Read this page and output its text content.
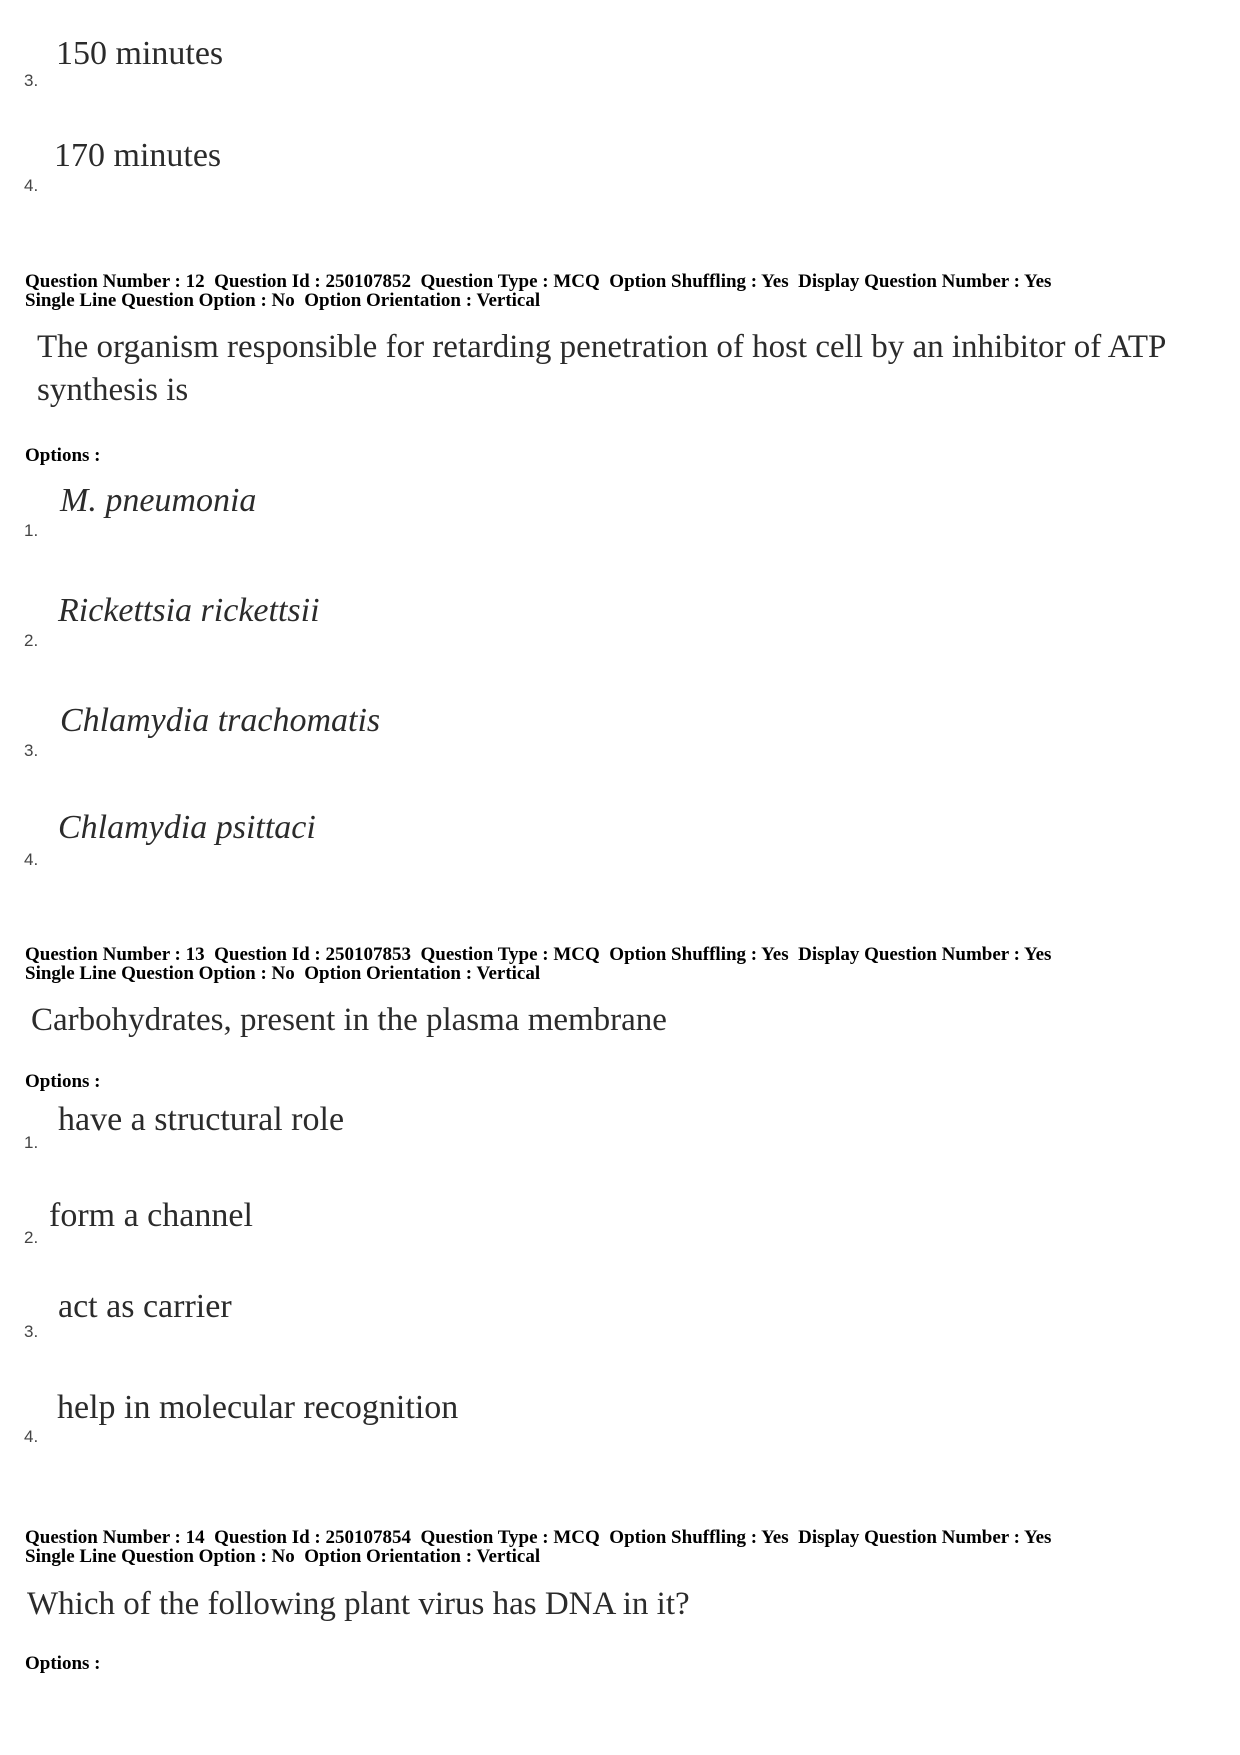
3.
150 minutes
4.
170 minutes
Question Number : 12  Question Id : 250107852  Question Type : MCQ  Option Shuffling : Yes  Display Question Number : Yes
Single Line Question Option : No  Option Orientation : Vertical
The organism responsible for retarding penetration of host cell by an inhibitor of ATP
synthesis is
Options :
1.
M. pneumonia
2.
Rickettsia rickettsii
3.
Chlamydia trachomatis
4.
Chlamydia psittaci
Question Number : 13  Question Id : 250107853  Question Type : MCQ  Option Shuffling : Yes  Display Question Number : Yes
Single Line Question Option : No  Option Orientation : Vertical
Carbohydrates, present in the plasma membrane
Options :
1.
have a structural role
2.
form a channel
3.
act as carrier
4.
help in molecular recognition
Question Number : 14  Question Id : 250107854  Question Type : MCQ  Option Shuffling : Yes  Display Question Number : Yes
Single Line Question Option : No  Option Orientation : Vertical
Which of the following plant virus has DNA in it?
Options :
